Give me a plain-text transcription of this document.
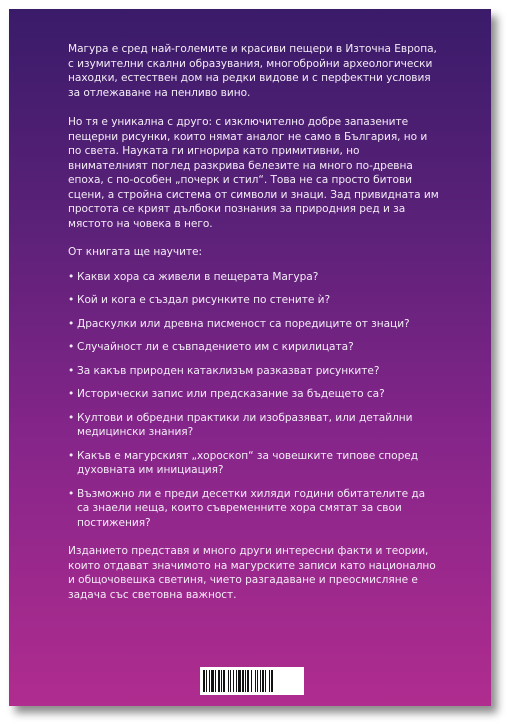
Магура е сред най-големите и красиви пещери в Източна Европа, с изумителни скални образувания, многобройни археологически находки, естествен дом на редки видове и с перфектни условия за отлежаване на пенливо вино.

Но тя е уникална с друго: с изключително добре запазените пещерни рисунки, които нямат аналог не само в България, но и по света. Наукaта ги игнорира като примитивни, но внимателният поглед разкрива белезите на много по-древна епоха, с по-особен „почерк и стил“. Това не са просто битови сцени, а стройна система от символи и знаци. Зад привидната им простота се крият дълбоки познания за природния ред и за мястото на човека в него.

От книгата ще научите:

• Какви хора са живели в пещерата Магура?
• Кой и кога е създал рисунките по стените ѝ?
• Драскулки или древна писменост са поредиците от знаци?
• Случайност ли е съвпадението им с кирилицата?
• За какъв природен катаклизъм разказват рисунките?
• Исторически запис или предсказание за бъдещето са?
• Култови и обредни практики ли изобразяват, или детайлни медицински знания?
• Какъв е магурският „хороскоп“ за човешките типове според духовната им инициация?
• Възможно ли е преди десетки хиляди години обитателите да са знаели неща, които съвременните хора смятат за свои постижения?

Изданието представя и много други интересни факти и теории, които отдават значимото на магурските записи като национално и общочовешка светиня, чието разгадаване и преосмисляне е задача със световна важност.
